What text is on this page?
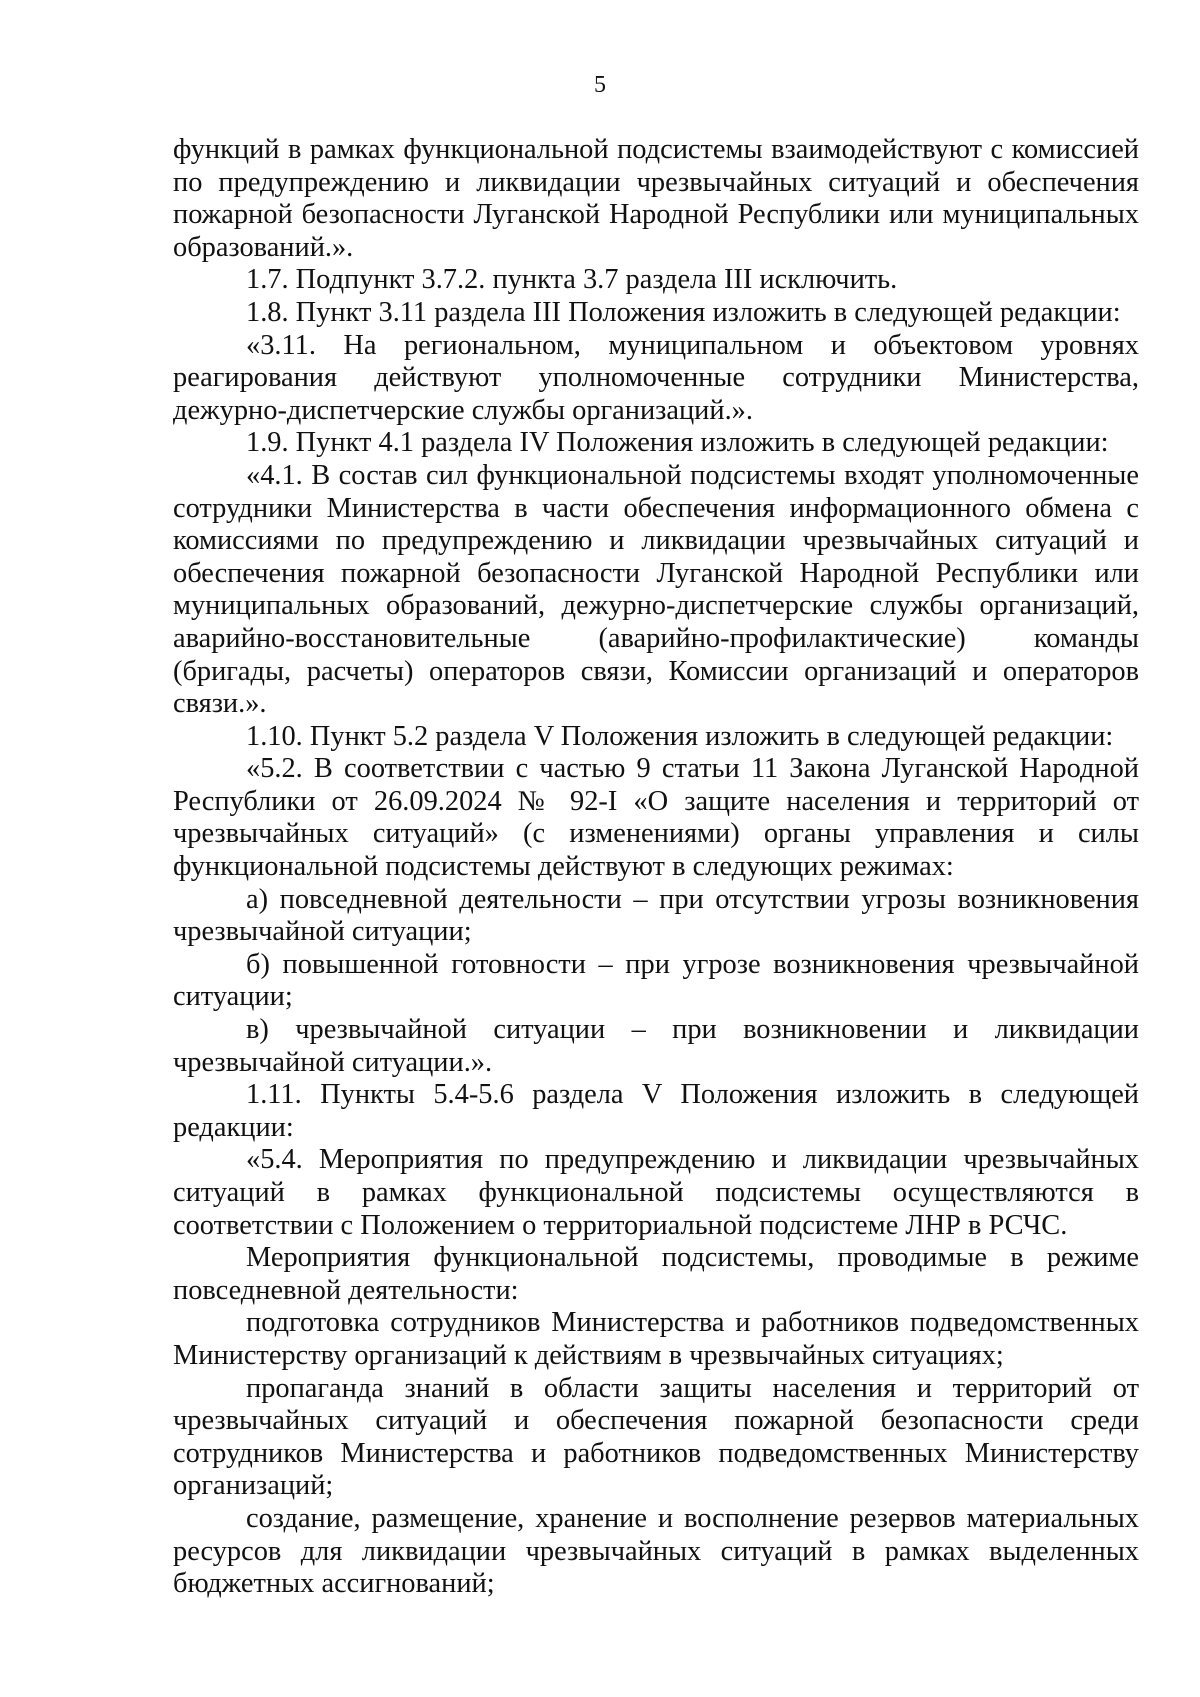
5

функций в рамках функциональной подсистемы взаимодействуют с комиссией по предупреждению и ликвидации чрезвычайных ситуаций и обеспечения пожарной безопасности Луганской Народной Республики или муниципальных образований.».

1.7. Подпункт 3.7.2. пункта 3.7 раздела III исключить.

1.8. Пункт 3.11 раздела III Положения изложить в следующей редакции:

«3.11. На региональном, муниципальном и объектовом уровнях реагирования действуют уполномоченные сотрудники Министерства, дежурно-диспетчерские службы организаций.».

1.9. Пункт 4.1 раздела IV Положения изложить в следующей редакции:

«4.1. В состав сил функциональной подсистемы входят уполномоченные сотрудники Министерства в части обеспечения информационного обмена с комиссиями по предупреждению и ликвидации чрезвычайных ситуаций и обеспечения пожарной безопасности Луганской Народной Республики или муниципальных образований, дежурно-диспетчерские службы организаций, аварийно-восстановительные (аварийно-профилактические) команды (бригады, расчеты) операторов связи, Комиссии организаций и операторов связи.».

1.10. Пункт 5.2 раздела V Положения изложить в следующей редакции:

«5.2. В соответствии с частью 9 статьи 11 Закона Луганской Народной Республики от 26.09.2024 № 92-I «О защите населения и территорий от чрезвычайных ситуаций» (с изменениями) органы управления и силы функциональной подсистемы действуют в следующих режимах:

а) повседневной деятельности – при отсутствии угрозы возникновения чрезвычайной ситуации;

б) повышенной готовности – при угрозе возникновения чрезвычайной ситуации;

в) чрезвычайной ситуации – при возникновении и ликвидации чрезвычайной ситуации.».

1.11. Пункты 5.4-5.6 раздела V Положения изложить в следующей редакции:

«5.4. Мероприятия по предупреждению и ликвидации чрезвычайных ситуаций в рамках функциональной подсистемы осуществляются в соответствии с Положением о территориальной подсистеме ЛНР в РСЧС.

Мероприятия функциональной подсистемы, проводимые в режиме повседневной деятельности:

подготовка сотрудников Министерства и работников подведомственных Министерству организаций к действиям в чрезвычайных ситуациях;

пропаганда знаний в области защиты населения и территорий от чрезвычайных ситуаций и обеспечения пожарной безопасности среди сотрудников Министерства и работников подведомственных Министерству организаций;

создание, размещение, хранение и восполнение резервов материальных ресурсов для ликвидации чрезвычайных ситуаций в рамках выделенных бюджетных ассигнований;
